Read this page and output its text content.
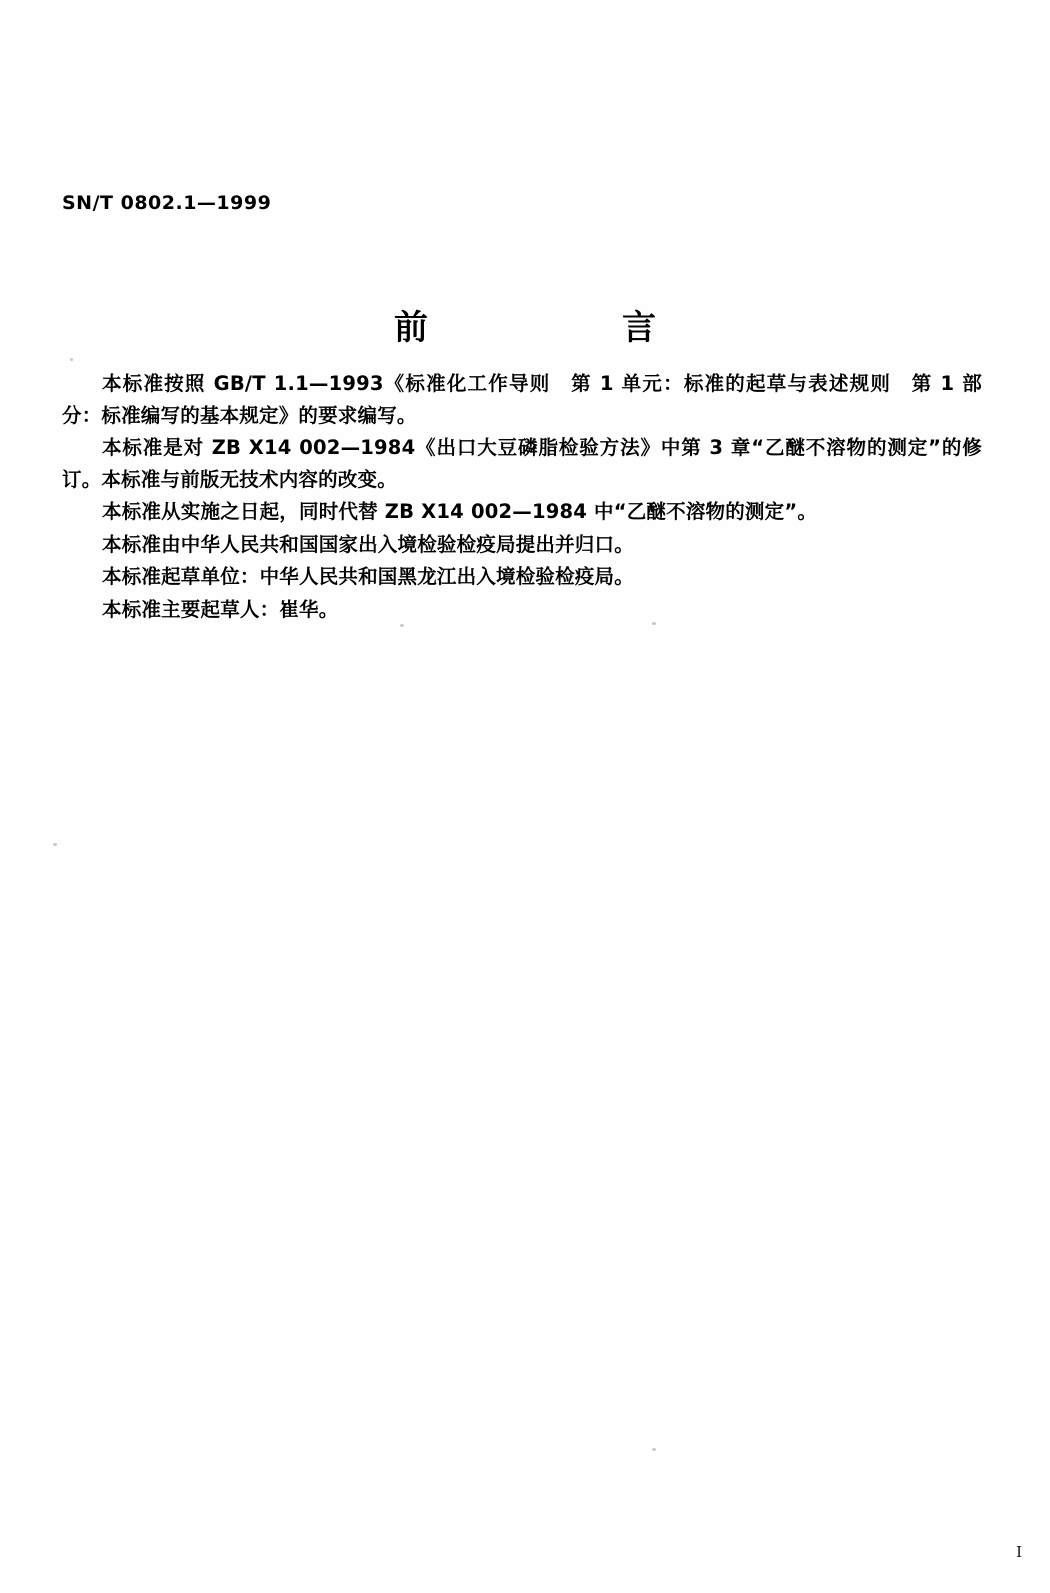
SN/T 0802.1—1999
前　　言

本标准按照 GB/T 1.1—1993《标准化工作导则　第 1 单元：标准的起草与表述规则　第 1 部分：标准编写的基本规定》的要求编写。

本标准是对 ZB X14 002—1984《出口大豆磷脂检验方法》中第 3 章“乙醚不溶物的测定”的修订。本标准与前版无技术内容的改变。

本标准从实施之日起，同时代替 ZB X14 002—1984 中“乙醚不溶物的测定”。

本标准由中华人民共和国国家出入境检验检疫局提出并归口。

本标准起草单位：中华人民共和国黑龙江出入境检验检疫局。

本标准主要起草人：崔华。

Ⅰ
